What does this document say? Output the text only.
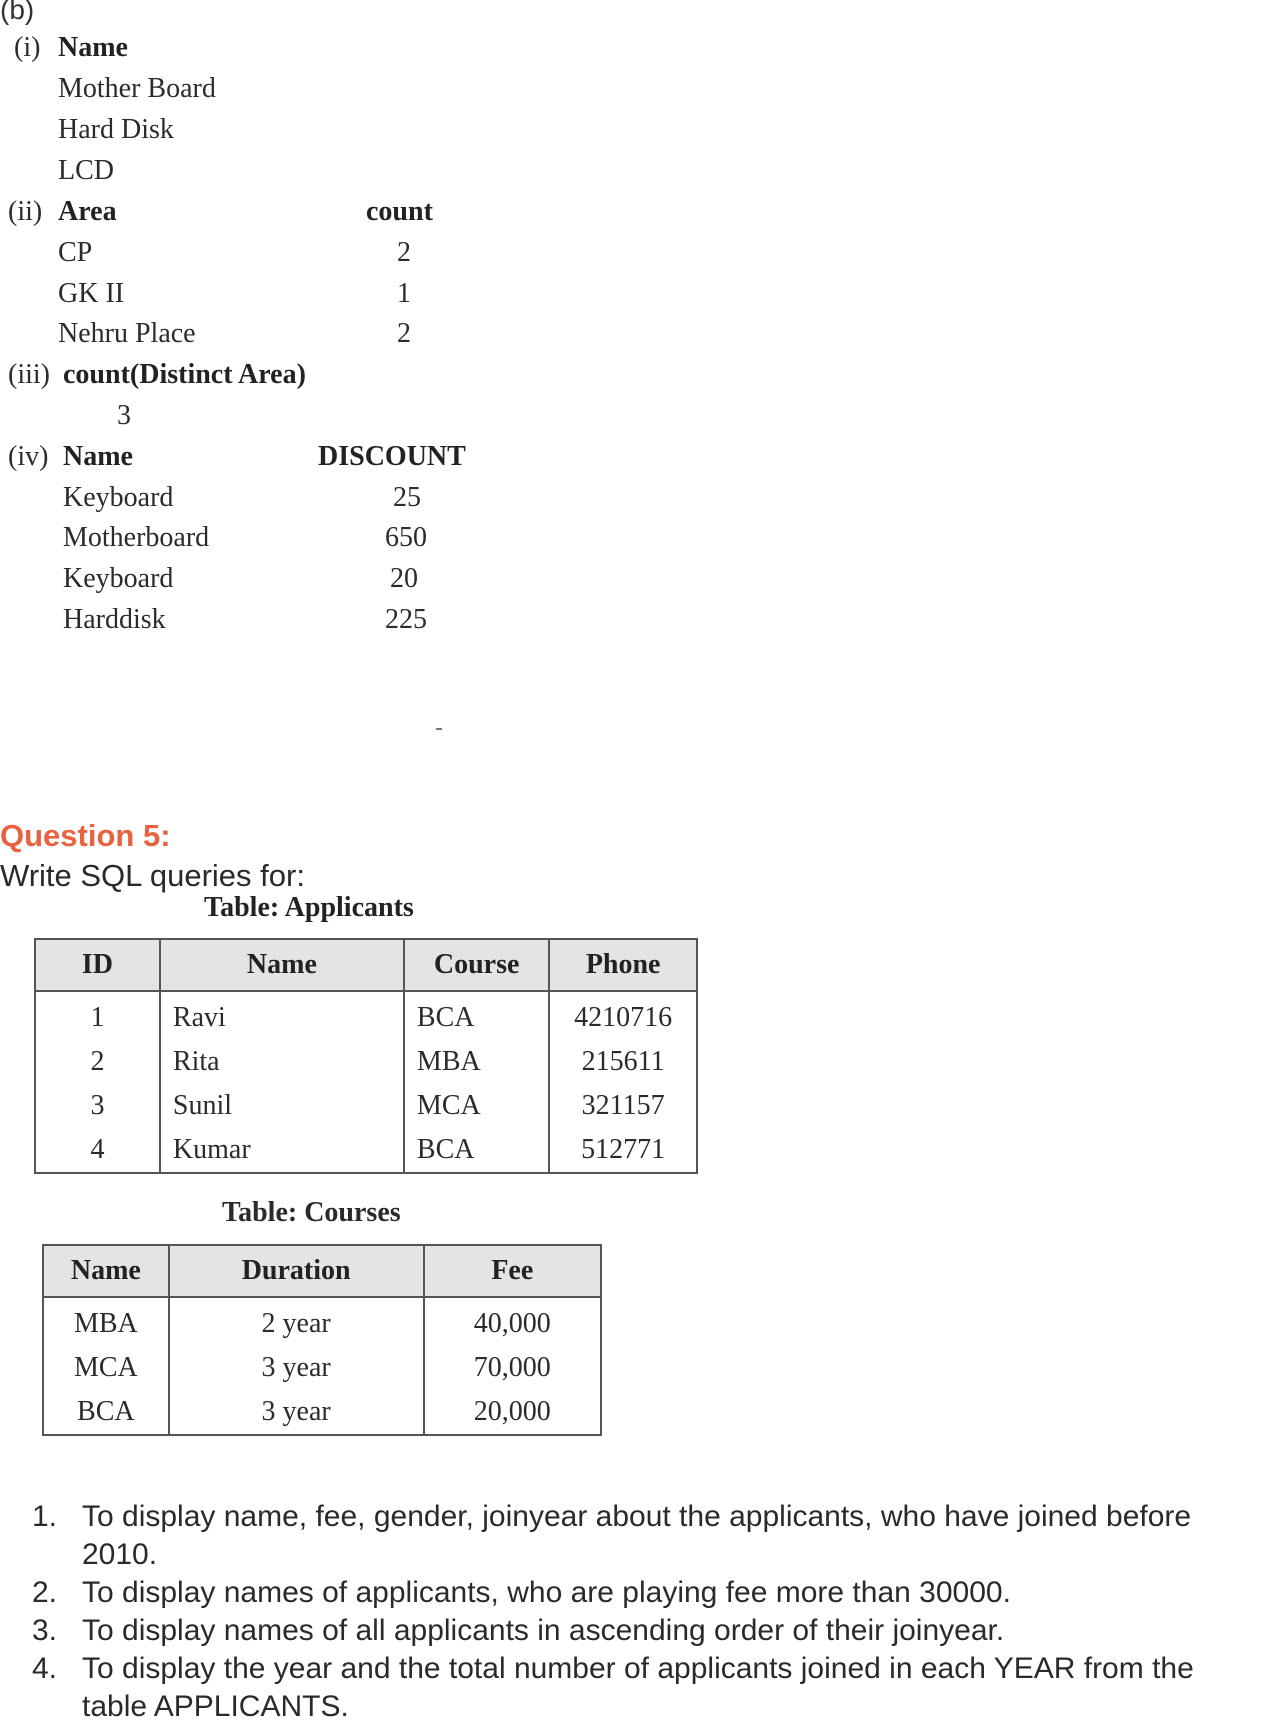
(b)
(i) Name
Mother Board
Hard Disk
LCD
(ii) Area	count
CP	2
GK II	1
Nehru Place	2
(iii) count(Distinct Area)
3
(iv) Name	DISCOUNT
Keyboard	25
Motherboard	650
Keyboard	20
Harddisk	225
Question 5:
Write SQL queries for:
Table: Applicants
ID	Name	Course	Phone
1	Ravi	BCA	4210716
2	Rita	MBA	215611
3	Sunil	MCA	321157
4	Kumar	BCA	512771
Table: Courses
Name	Duration	Fee
MBA	2 year	40,000
MCA	3 year	70,000
BCA	3 year	20,000
1. To display name, fee, gender, joinyear about the applicants, who have joined before 2010.
2. To display names of applicants, who are playing fee more than 30000.
3. To display names of all applicants in ascending order of their joinyear.
4. To display the year and the total number of applicants joined in each YEAR from the table APPLICANTS.
